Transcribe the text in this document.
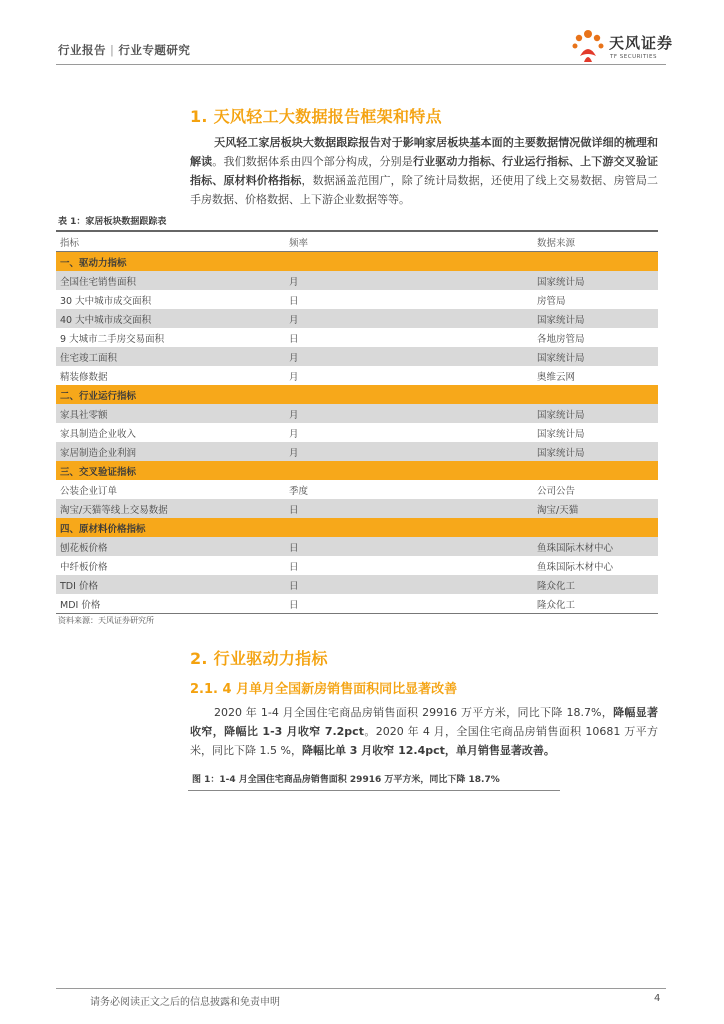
行业报告 | 行业专题研究	天风证券
TF SECURITIES
1. 天风轻工大数据报告框架和特点
天风轻工家居板块大数据跟踪报告对于影响家居板块基本面的主要数据情况做详细的梳理和解读。我们数据体系由四个部分构成，分别是行业驱动力指标、行业运行指标、上下游交叉验证指标、原材料价格指标，数据涵盖范围广，除了统计局数据，还使用了线上交易数据、房管局二手房数据、价格数据、上下游企业数据等等。
表 1：家居板块数据跟踪表
指标	频率	数据来源
一、驱动力指标		
全国住宅销售面积	月	国家统计局
30 大中城市成交面积	日	房管局
40 大中城市成交面积	月	国家统计局
9 大城市二手房交易面积	日	各地房管局
住宅竣工面积	月	国家统计局
精装修数据	月	奥维云网
二、行业运行指标		
家具社零额	月	国家统计局
家具制造企业收入	月	国家统计局
家居制造企业利润	月	国家统计局
三、交叉验证指标		
公装企业订单	季度	公司公告
淘宝/天猫等线上交易数据	日	淘宝/天猫
四、原材料价格指标		
刨花板价格	日	鱼珠国际木材中心
中纤板价格	日	鱼珠国际木材中心
TDI 价格	日	隆众化工
MDI 价格	日	隆众化工
资料来源：天风证券研究所
2. 行业驱动力指标
2.1. 4 月单月全国新房销售面积同比显著改善
2020 年 1-4 月全国住宅商品房销售面积 29916 万平方米，同比下降 18.7%，降幅显著收窄，降幅比 1-3 月收窄 7.2pct。2020 年 4 月，全国住宅商品房销售面积 10681 万平方米，同比下降 1.5 %，降幅比单 3 月收窄 12.4pct，单月销售显著改善。
图 1：1-4 月全国住宅商品房销售面积 29916 万平方米，同比下降 18.7%
请务必阅读正文之后的信息披露和免责申明	4
